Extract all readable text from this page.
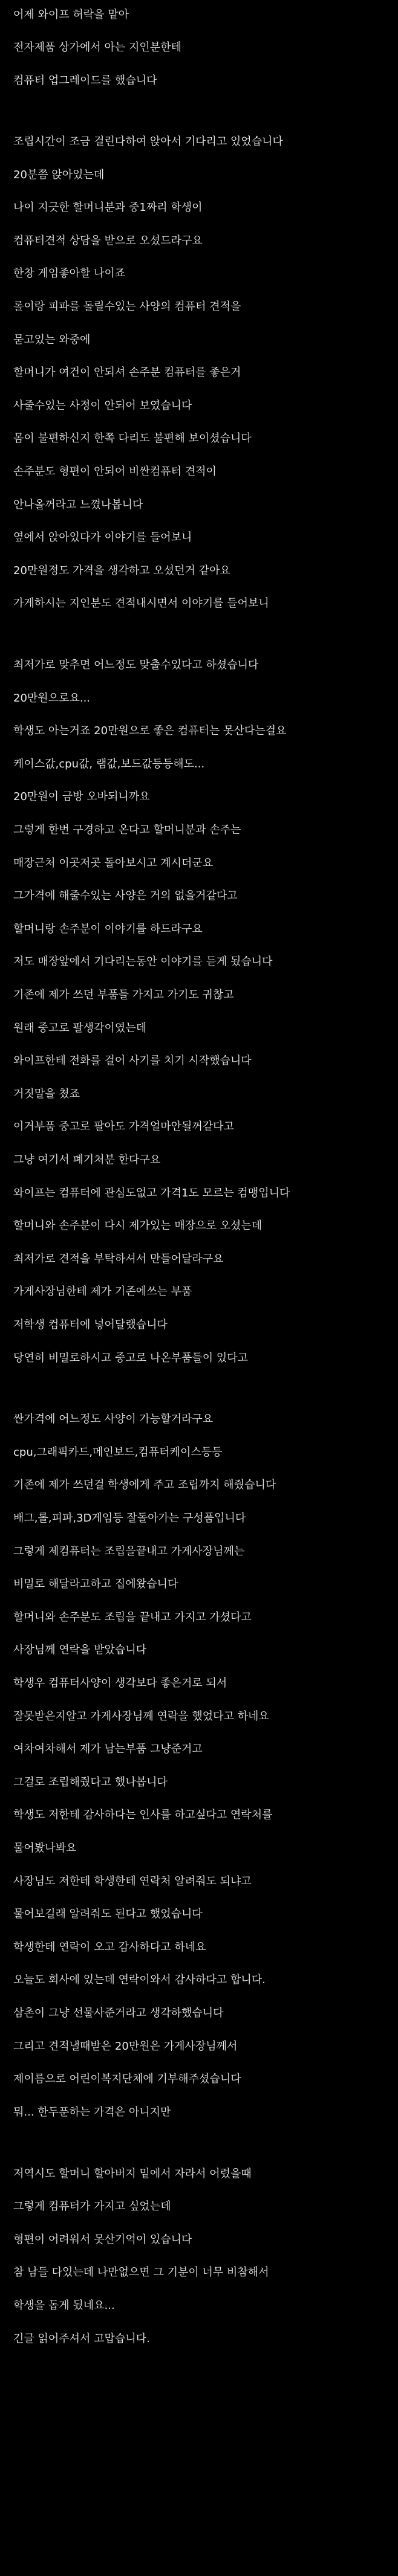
어제 와이프 허락을 맡아
전자제품 상가에서 아는 지인분한테
컴퓨터 업그레이드를 했습니다
조립시간이 조금 걸린다하여 앉아서 기다리고 있었습니다
20분쯤 앉아있는데
나이 지긋한 할머니분과 중1짜리 학생이
컴퓨터견적 상담을 받으로 오셨드라구요
한창 게임좋아할 나이죠
롤이랑 피파를 돌릴수있는 사양의 컴퓨터 견적을
묻고있는 와중에
할머니가 여건이 안되셔 손주분 컴퓨터를 좋은거
사줄수있는 사정이 안되어 보였습니다
몸이 불편하신지 한쪽 다리도 불편해 보이셨습니다
손주분도 형편이 안되어 비싼컴퓨터 견적이
안나올꺼라고 느꼈나봅니다
옆에서 앉아있다가 이야기를 들어보니
20만원정도 가격을 생각하고 오셨던거 같아요
가게하시는 지인분도 견적내시면서 이야기를 들어보니
최저가로 맞추면 어느정도 맞출수있다고 하셨습니다
20만원으로요...
학생도 아는거죠 20만원으로 좋은 컴퓨터는 못산다는걸요
케이스값,cpu값, 램값,보드값등등해도...
20만원이 금방 오바되니까요
그렇게 한번 구경하고 온다고 할머니분과 손주는
매장근처 이곳저곳 돌아보시고 계시더군요
그가격에 해줄수있는 사양은 거의 없을거같다고
할머니랑 손주분이 이야기를 하드라구요
저도 매장앞에서 기다리는동안 이야기를 듣게 됬습니다
기존에 제가 쓰던 부품들 가지고 가기도 귀찮고
원래 중고로 팔생각이였는데
와이프한테 전화를 걸어 사기를 치기 시작했습니다
거짓말을 쳤죠
이거부품 중고로 팔아도 가격얼마안될꺼같다고
그냥 여기서 폐기처분 한다구요
와이프는 컴퓨터에 관심도없고 가격1도 모르는 컴맹입니다
할머니와 손주분이 다시 제가있는 매장으로 오셨는데
최저가로 견적을 부탁하셔서 만들어달라구요
가게사장님한테 제가 기존에쓰는 부품
저학생 컴퓨터에 넣어달랬습니다
당연히 비밀로하시고 중고로 나온부품들이 있다고
싼가격에 어느정도 사양이 가능할거라구요
cpu,그래픽카드,메인보드,컴퓨터케이스등등
기존에 제가 쓰던걸 학생에게 주고 조립까지 해줬습니다
배그,롤,피파,3D게임등 잘돌아가는 구성품입니다
그렇게 제컴퓨터는 조립을끝내고 가게사장님께는
비밀로 해달라고하고 집에왔습니다
할머니와 손주분도 조립을 끝내고 가지고 가셨다고
사장님께 연락을 받았습니다
학생우 컴퓨터사양이 생각보다 좋은거로 되서
잘못받은지알고 가게사장님께 연락을 했었다고 하네요
여차여차해서 제가 남는부품 그냥준거고
그걸로 조립해줬다고 했나봅니다
학생도 저한테 감사하다는 인사를 하고싶다고 연락처를
물어봤나봐요
사장님도 저한테 학생한테 연락처 알려줘도 되냐고
물어보길래 알려줘도 된다고 했었습니다
학생한테 연락이 오고 감사하다고 하네요
오늘도 회사에 있는데 연락이와서 감사하다고 합니다.
삼촌이 그냥 선물사준거라고 생각하했습니다
그리고 견적낼때받은 20만원은 가게사장님께서
제이름으로 어린이복지단체에 기부해주셨습니다
뭐... 한두푼하는 가격은 아니지만
저역시도 할머니 할아버지 밑에서 자라서 어렸을때
그렇게 컴퓨터가 가지고 싶었는데
형편이 어려워서 못산기억이 있습니다
참 남들 다있는데 나만없으면 그 기분이 너무 비참해서
학생을 돕게 됬네요...
긴글 읽어주셔서 고맙습니다.
